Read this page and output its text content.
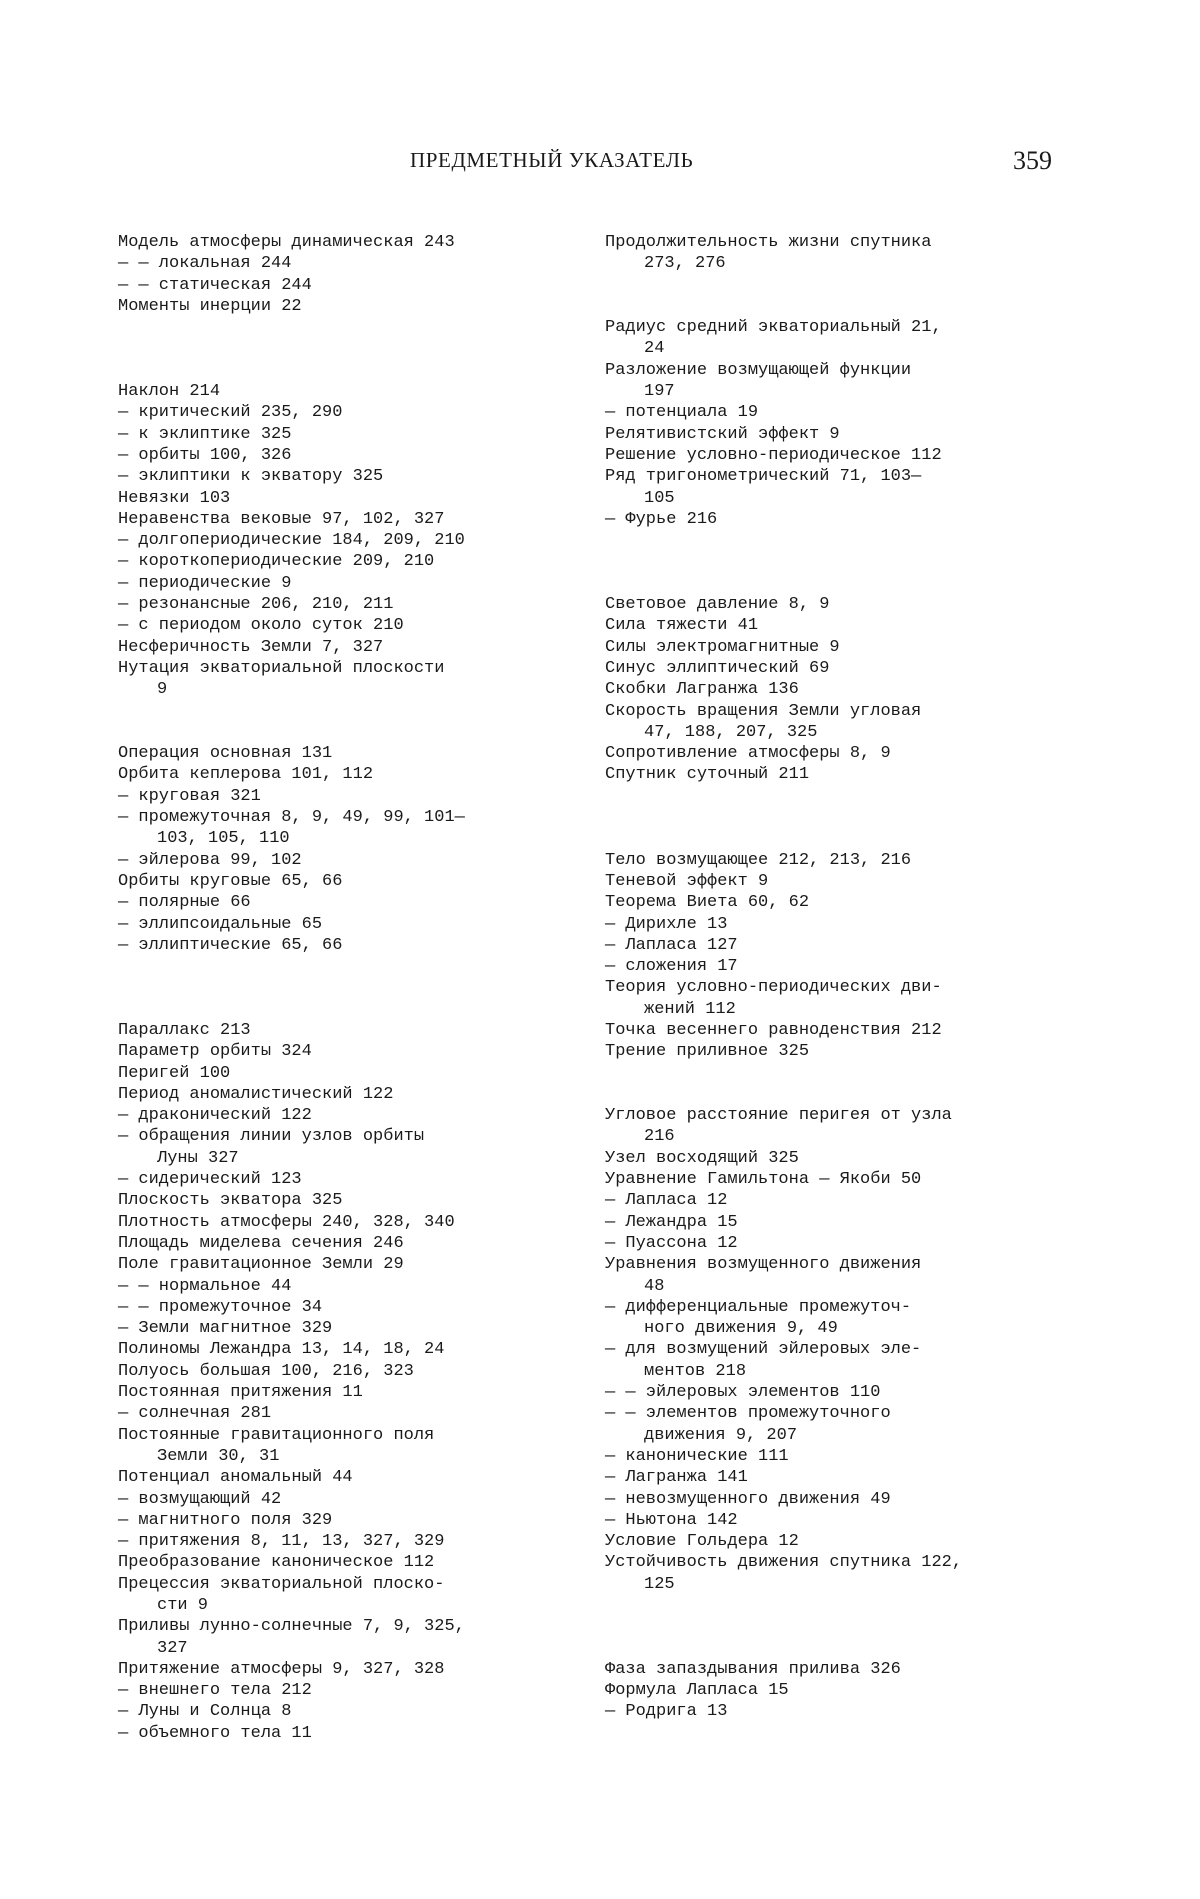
ПРЕДМЕТНЫЙ УКАЗАТЕЛЬ	359
Модель атмосферы динамическая 243
— — локальная 244
— — статическая 244
Моменты инерции 22
Наклон 214
— критический 235, 290
— к эклиптике 325
— орбиты 100, 326
— эклиптики к экватору 325
Невязки 103
Неравенства вековые 97, 102, 327
— долгопериодические 184, 209, 210
— короткопериодические 209, 210
— периодические 9
— резонансные 206, 210, 211
— с периодом около суток 210
Несферичность Земли 7, 327
Нутация экваториальной плоскости
9
Операция основная 131
Орбита кеплерова 101, 112
— круговая 321
— промежуточная 8, 9, 49, 99, 101—
103, 105, 110
— эйлерова 99, 102
Орбиты круговые 65, 66
— полярные 66
— эллипсоидальные 65
— эллиптические 65, 66
Параллакс 213
Параметр орбиты 324
Перигей 100
Период аномалистический 122
— драконический 122
— обращения линии узлов орбиты
Луны 327
— сидерический 123
Плоскость экватора 325
Плотность атмосферы 240, 328, 340
Площадь миделева сечения 246
Поле гравитационное Земли 29
— — нормальное 44
— — промежуточное 34
— Земли магнитное 329
Полиномы Лежандра 13, 14, 18, 24
Полуось большая 100, 216, 323
Постоянная притяжения 11
— солнечная 281
Постоянные гравитационного поля
Земли 30, 31
Потенциал аномальный 44
— возмущающий 42
— магнитного поля 329
— притяжения 8, 11, 13, 327, 329
Преобразование каноническое 112
Прецессия экваториальной плоско-
сти 9
Приливы лунно-солнечные 7, 9, 325,
327
Притяжение атмосферы 9, 327, 328
— внешнего тела 212
— Луны и Солнца 8
— объемного тела 11
Продолжительность жизни спутника
273, 276
Радиус средний экваториальный 21,
24
Разложение возмущающей функции
197
— потенциала 19
Релятивистский эффект 9
Решение условно-периодическое 112
Ряд тригонометрический 71, 103—
105
— Фурье 216
Световое давление 8, 9
Сила тяжести 41
Силы электромагнитные 9
Синус эллиптический 69
Скобки Лагранжа 136
Скорость вращения Земли угловая
47, 188, 207, 325
Сопротивление атмосферы 8, 9
Спутник суточный 211
Тело возмущающее 212, 213, 216
Теневой эффект 9
Теорема Виета 60, 62
— Дирихле 13
— Лапласа 127
— сложения 17
Теория условно-периодических дви-
жений 112
Точка весеннего равноденствия 212
Трение приливное 325
Угловое расстояние перигея от узла
216
Узел восходящий 325
Уравнение Гамильтона — Якоби 50
— Лапласа 12
— Лежандра 15
— Пуассона 12
Уравнения возмущенного движения
48
— дифференциальные промежуточ-
ного движения 9, 49
— для возмущений эйлеровых эле-
ментов 218
— — эйлеровых элементов 110
— — элементов промежуточного
движения 9, 207
— канонические 111
— Лагранжа 141
— невозмущенного движения 49
— Ньютона 142
Условие Гольдера 12
Устойчивость движения спутника 122,
125
Фаза запаздывания прилива 326
Формула Лапласа 15
— Родрига 13
